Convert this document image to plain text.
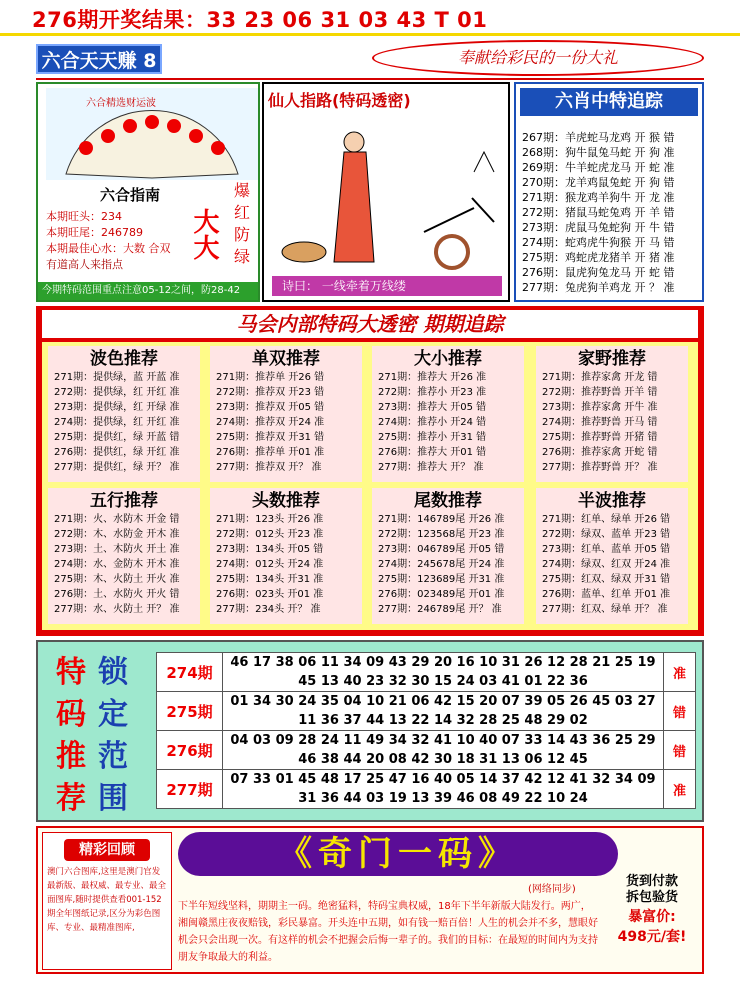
276期开奖结果：33 23 06 31 03 43 T 01
六合天天赚 8	奉献给彩民的一份大礼
六合精选财运波
六合指南
本期旺头：234
本期旺尾：246789
本期最佳心水：大数 合双
有道高人来指点
大大
爆红防绿
今期特码范围重点注意05-12之间，防28-42
仙人指路(特码透密)
诗曰： 一线牵着万线缕
六肖中特追踪
267期：羊虎蛇马龙鸡 开 猴 错
268期：狗牛鼠兔马蛇 开 狗 准
269期：牛羊蛇虎龙马 开 蛇 准
270期：龙羊鸡鼠兔蛇 开 狗 错
271期：猴龙鸡羊狗牛 开 龙 准
272期：猪鼠马蛇兔鸡 开 羊 错
273期：虎鼠马兔蛇狗 开 牛 错
274期：蛇鸡虎牛狗猴 开 马 错
275期：鸡蛇虎龙猪羊 开 猪 准
276期：鼠虎狗兔龙马 开 蛇 错
277期：兔虎狗羊鸡龙 开 ？ 准
马会内部特码大透密 期期追踪
波色推荐
271期：提供绿，蓝 开蓝 准
272期：提供绿，红 开红 准
273期：提供绿，红 开绿 准
274期：提供绿，红 开红 准
275期：提供红，绿 开蓝 错
276期：提供红，绿 开红 准
277期：提供红，绿 开？ 准
单双推荐
271期：推荐单 开26 错
272期：推荐双 开23 错
273期：推荐双 开05 错
274期：推荐双 开24 准
275期：推荐双 开31 错
276期：推荐单 开01 准
277期：推荐双 开？ 准
大小推荐
271期：推荐大 开26 准
272期：推荐小 开23 准
273期：推荐大 开05 错
274期：推荐小 开24 错
275期：推荐小 开31 错
276期：推荐大 开01 错
277期：推荐大 开？ 准
家野推荐
271期：推荐家禽 开龙 错
272期：推荐野兽 开羊 错
273期：推荐家禽 开牛 准
274期：推荐野兽 开马 错
275期：推荐野兽 开猪 错
276期：推荐家禽 开蛇 错
277期：推荐野兽 开？ 准
五行推荐
271期：火、水防木 开金 错
272期：木、水防金 开木 准
273期：土、木防火 开土 准
274期：水、金防木 开木 准
275期：木、火防土 开火 准
276期：土、水防火 开火 错
277期：水、火防土 开？ 准
头数推荐
271期：123头 开26 准
272期：012头 开23 准
273期：134头 开05 错
274期：012头 开24 准
275期：134头 开31 准
276期：023头 开01 准
277期：234头 开？ 准
尾数推荐
271期：146789尾 开26 准
272期：123568尾 开23 准
273期：046789尾 开05 错
274期：245678尾 开24 准
275期：123689尾 开31 准
276期：023489尾 开01 准
277期：246789尾 开？ 准
半波推荐
271期：红单、绿单 开26 错
272期：绿双、蓝单 开23 错
273期：红单、蓝单 开05 错
274期：绿双、红双 开24 准
275期：红双、绿双 开31 错
276期：蓝单、红单 开01 准
277期：红双、绿单 开？ 准
特码推荐
锁定范围
274期	46 17 38 06 11 34 09 43 29 20 16 10 31 26 12 28 21 25 19 45 13 40 23 32 30 15 24 03 41 01 22 36	准
275期	01 34 30 24 35 04 10 21 06 42 15 20 07 39 05 26 45 03 27 11 36 37 44 13 22 14 32 28 25 48 29 02	错
276期	04 03 09 28 24 11 49 34 32 41 10 40 07 33 14 43 36 25 29 46 38 44 20 08 42 30 18 31 13 06 12 45	错
277期	07 33 01 45 48 17 25 47 16 40 05 14 37 42 12 41 32 34 09 31 36 44 03 19 13 39 46 08 49 22 10 24	准
精彩回顾

澳门六合图库,这里是澳门官发最新版、最权威、最专业、最全面图库,随时提供查看001-152期全年图纸记录,区分为彩色图库、专业、最精准图库,

《奇门一码》
(网络同步)
下半年短线坚料，期期主一码。绝密猛料，特码宝典权威，18年下半年新版大陆发行。两广，湘闽赣黑庄夜夜赔钱，彩民暴富。开头连中五期，如有钱一赔百倍！人生的机会并不多，慧眼好机会只会出现一次。有这样的机会不把握会后悔一辈子的。我们的目标：在最短的时间内为支持朋友争取最大的利益。
货到付款
拆包验货
暴富价:
498元/套!
